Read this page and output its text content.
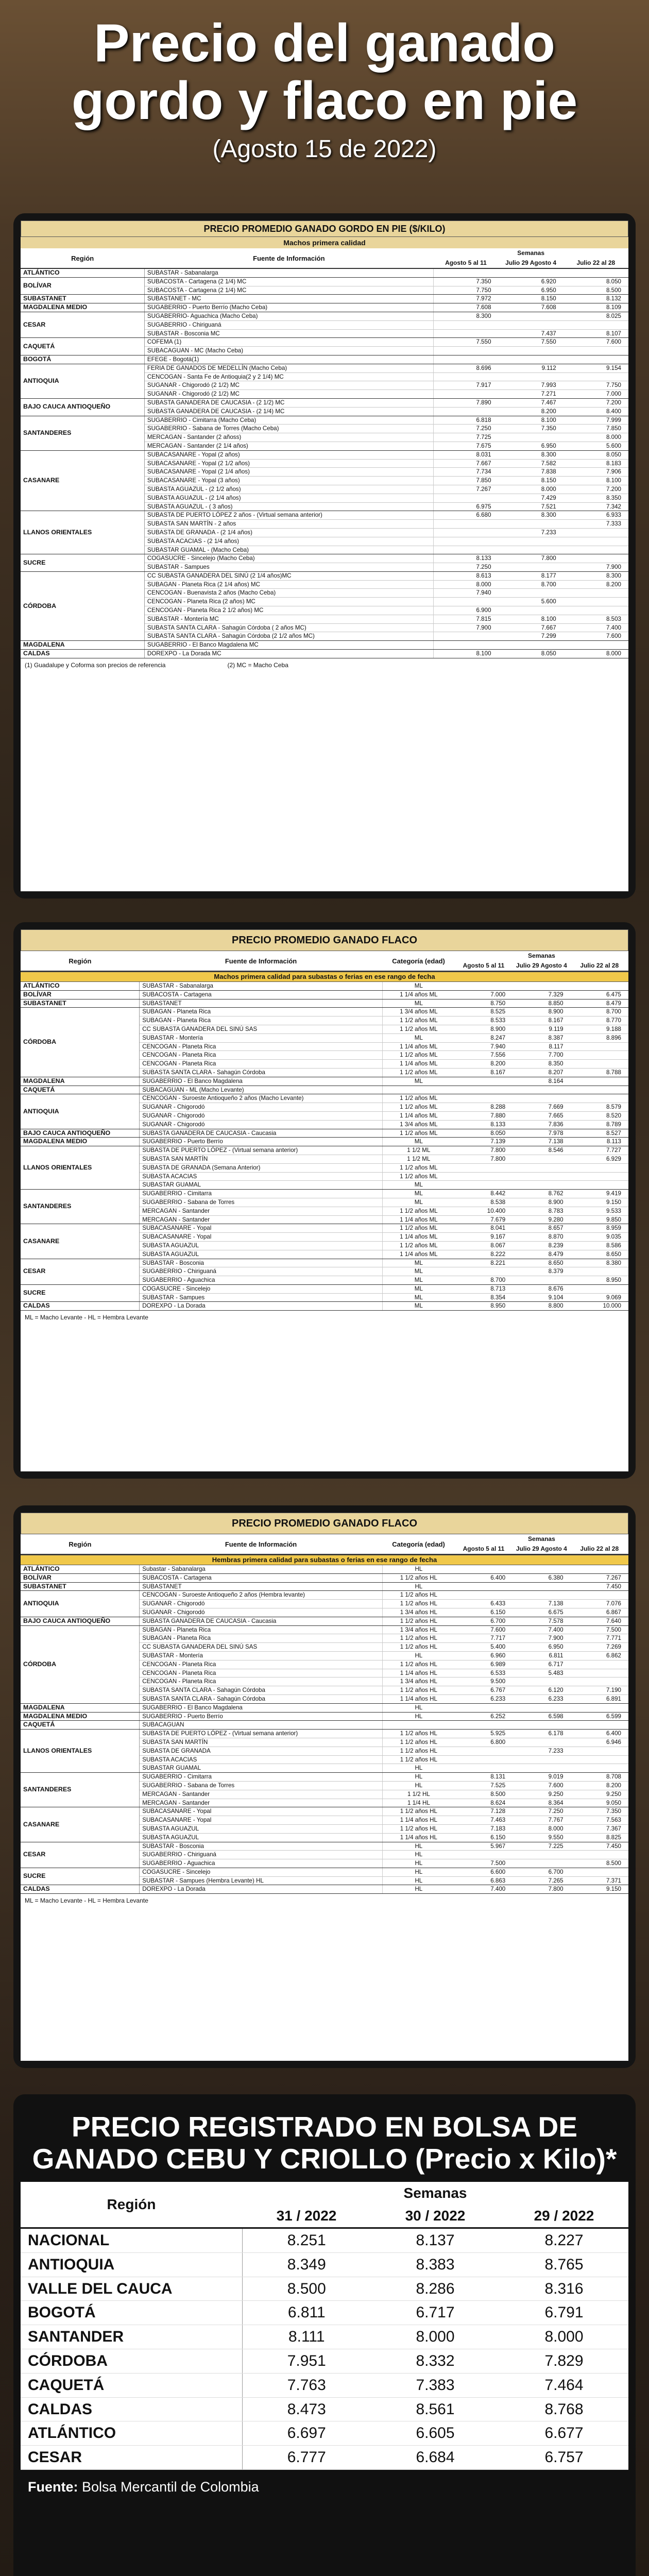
Precio del ganado
gordo y flaco en pie
(Agosto 15 de 2022)
PRECIO PROMEDIO GANADO GORDO EN PIE ($/KILO)
Machos primera calidad
Región	Fuente de Información	Semanas		
		Agosto 5 al 11	Julio 29 Agosto 4	Julio 22 al 28
ATLÁNTICO	SUBASTAR - Sabanalarga			
BOLÍVAR	SUBACOSTA - Cartagena (2 1/4) MC	7.350	6.920	8.050
	SUBACOSTA - Cartagena (2 1/4) MC	7.750	6.950	8.500
SUBASTANET	SUBASTANET - MC	7.972	8.150	8.132
MAGDALENA MEDIO	SUGABERRIO - Puerto Berrío (Macho Ceba)	7.608	7.608	8.109
CESAR	SUGABERRIO- Aguachica (Macho Ceba)	8.300		8.025
	SUGABERRIO - Chiriguaná			
	SUBASTAR - Bosconia MC		7.437	8.107
CAQUETÁ	COFEMA (1)	7.550	7.550	7.600
	SUBACAGUAN - MC (Macho Ceba)			
BOGOTÁ	EFEGE - Bogotá(1)			
ANTIOQUIA	FERIA DE GANADOS DE MEDELLÍN (Macho Ceba)	8.696	9.112	9.154
	CENCOGAN - Santa Fe de Antioquia(2 y 2 1/4) MC			
	SUGANAR - Chigorodó (2 1/2) MC	7.917	7.993	7.750
	SUGANAR - Chigorodó (2 1/2) MC		7.271	7.000
BAJO CAUCA ANTIOQUEÑO	SUBASTA GANADERA DE CAUCASIA - (2 1/2) MC	7.890	7.467	7.200
	SUBASTA GANADERA DE CAUCASIA - (2 1/4) MC		8.200	8.400
SANTANDERES	SUGABERRIO - Cimitarra (Macho Ceba)	6.818	8.100	7.999
	SUGABERRIO - Sabana de Torres (Macho Ceba)	7.250	7.350	7.850
	MERCAGAN - Santander (2 añoss)	7.725		8.000
	MERCAGAN - Santander (2 1/4 años)	7.675	6.950	5.600
CASANARE	SUBACASANARE - Yopal (2 años)	8.031	8.300	8.050
	SUBACASANARE - Yopal (2 1/2 años)	7.667	7.582	8.183
	SUBACASANARE - Yopal (2 1/4 años)	7.734	7.838	7.906
	SUBACASANARE - Yopal (3 años)	7.850	8.150	8.100
	SUBASTA AGUAZUL - (2 1/2 años)	7.267	8.000	7.200
	SUBASTA AGUAZUL - (2 1/4 años)		7.429	8.350
	SUBASTA AGUAZUL - ( 3 años)	6.975	7.521	7.342
LLANOS ORIENTALES	SUBASTA DE PUERTO LÓPEZ 2 años - (Virtual semana anterior)	6.680	8.300	6.933
	SUBASTA SAN MARTÍN - 2 años			7.333
	SUBASTA DE GRANADA - (2 1/4 años)		7.233	
	SUBASTA ACACIAS - (2 1/4 años)			
	SUBASTAR GUAMAL - (Macho Ceba)			
SUCRE	COGASUCRE - Sincelejo (Macho Ceba)	8.133	7.800	
	SUBASTAR - Sampues	7.250		7.900
CÓRDOBA	CC SUBASTA GANADERA DEL SINÚ (2 1/4 años)MC	8.613	8.177	8.300
	SUBAGAN - Planeta Rica (2 1/4 años) MC	8.000	8.700	8.200
	CENCOGAN - Buenavista 2 años (Macho Ceba)	7.940		
	CENCOGAN - Planeta Rica (2 años) MC		5.600	
	CENCOGAN - Planeta Rica 2 1/2 años) MC	6.900		
	SUBASTAR - Montería MC	7.815	8.100	8.503
	SUBASTA SANTA CLARA - Sahagún Córdoba ( 2 años MC)	7.900	7.667	7.400
	SUBASTA SANTA CLARA - Sahagún Córdoba (2 1/2 años MC)		7.299	7.600
MAGDALENA	SUGABERRIO - El Banco Magdalena MC			
CALDAS	DOREXPO - La Dorada MC	8.100	8.050	8.000
(1) Guadalupe y Coforma son precios de referencia	(2) MC = Macho Ceba
PRECIO PROMEDIO GANADO FLACO
Región	Fuente de Información	Categoría (edad)	Semanas		
			Agosto 5 al 11	Julio 29 Agosto 4	Julio 22 al 28
Machos primera calidad para subastas o ferias en ese rango de fecha
ATLÁNTICO	SUBASTAR - Sabanalarga	ML			
BOLÍVAR	SUBACOSTA - Cartagena	1 1/4 años ML	7.000	7.329	6.475
SUBASTANET	SUBASTANET	ML	8.750	8.850	8.479
CÓRDOBA	SUBAGAN - Planeta Rica	1 3/4 años ML	8.525	8.900	8.700
	SUBAGAN - Planeta Rica	1 1/2 años ML	8.533	8.167	8.770
	CC SUBASTA GANADERA DEL SINÚ SAS	1 1/2 años ML	8.900	9.119	9.188
	SUBASTAR - Montería	ML	8.247	8.387	8.896
	CENCOGAN - Planeta Rica	1 1/4 años ML	7.940	8.117	
	CENCOGAN - Planeta Rica	1 1/2 años ML	7.556	7.700	
	CENCOGAN - Planeta Rica	1 1/4 años ML	8.200	8.350	
	SUBASTA SANTA CLARA - Sahagún Córdoba	1 1/2 años ML	8.167	8.207	8.788
MAGDALENA	SUGABERRIO - El Banco Magdalena	ML		8.164	
CAQUETÁ	SUBACAGUAN - ML (Macho Levante)				
ANTIOQUIA	CENCOGAN - Suroeste Antioqueño 2 años (Macho Levante)	1 1/2 años ML			
	SUGANAR - Chigorodó	1 1/2 años ML	8.288	7.669	8.579
	SUGANAR - Chigorodó	1 1/4 años ML	7.880	7.665	8.520
	SUGANAR - Chigorodó	1 3/4 años ML	8.133	7.836	8.789
BAJO CAUCA ANTIOQUEÑO	SUBASTA GANADERA DE CAUCASIA - Caucasia	1 1/2 años ML	8.050	7.978	8.527
MAGDALENA MEDIO	SUGABERRIO - Puerto Berrío	ML	7.139	7.138	8.113
LLANOS ORIENTALES	SUBASTA DE PUERTO LÓPEZ - (Virtual semana anterior)	1 1/2 ML	7.800	8.546	7.727
	SUBASTA SAN MARTÍN	1 1/2 ML	7.800		6.929
	SUBASTA DE GRANADA (Semana Anterior)	1 1/2 años ML			
	SUBASTA ACACIAS	1 1/2 años ML			
	SUBASTAR GUAMAL	ML			
SANTANDERES	SUGABERRIO - Cimitarra	ML	8.442	8.762	9.419
	SUGABERRIO - Sabana de Torres	ML	8.538	8.900	9.150
	MERCAGAN - Santander	1 1/2 años ML	10.400	8.783	9.533
	MERCAGAN - Santander	1 1/4 años ML	7.679	9.280	9.850
CASANARE	SUBACASANARE - Yopal	1 1/2 años ML	8.041	8.657	8.959
	SUBACASANARE - Yopal	1 1/4 años ML	9.167	8.870	9.035
	SUBASTA AGUAZUL	1 1/2 años ML	8.067	8.239	8.586
	SUBASTA AGUAZUL	1 1/4 años ML	8.222	8.479	8.650
CESAR	SUBASTAR - Bosconia	ML	8.221	8.650	8.380
	SUGABERRIO - Chiriguaná	ML		8.379	
	SUGABERRIO - Aguachica	ML	8.700		8.950
SUCRE	COGASUCRE - Sincelejo	ML	8.713	8.676	
	SUBASTAR - Sampues	ML	8.354	9.104	9.069
CALDAS	DOREXPO - La Dorada	ML	8.950	8.800	10.000
ML = Macho Levante - HL = Hembra Levante
PRECIO PROMEDIO GANADO FLACO
Región	Fuente de Información	Categoría (edad)	Semanas		
			Agosto 5 al 11	Julio 29 Agosto 4	Julio 22 al 28
Hembras primera calidad para subastas o ferias en ese rango de fecha
ATLÁNTICO	Subastar - Sabanalarga	HL			
BOLÍVAR	SUBACOSTA - Cartagena	1 1/2 años HL	6.400	6.380	7.267
SUBASTANET	SUBASTANET	HL			7.450
ANTIOQUIA	CENCOGAN - Suroeste Antioqueño 2 años (Hembra levante)	1 1/2 años HL			
	SUGANAR - Chigorodó	1 1/2 años HL	6.433	7.138	7.076
	SUGANAR - Chigorodó	1 3/4 años HL	6.150	6.675	6.867
BAJO CAUCA ANTIOQUEÑO	SUBASTA GANADERA DE CAUCASIA - Caucasia	1 1/2 años HL	6.700	7.578	7.640
CÓRDOBA	SUBAGAN - Planeta Rica	1 3/4 años HL	7.600	7.400	7.500
	SUBAGAN - Planeta Rica	1 1/2 años HL	7.717	7.900	7.771
	CC SUBASTA GANADERA DEL SINÚ SAS	1 1/2 años HL	5.400	6.950	7.269
	SUBASTAR - Montería	HL	6.960	6.811	6.862
	CENCOGAN - Planeta Rica	1 1/2 años HL	6.989	6.717	
	CENCOGAN - Planeta Rica	1 1/4 años HL	6.533	5.483	
	CENCOGAN - Planeta Rica	1 3/4 años HL	9.500		
	SUBASTA SANTA CLARA - Sahagún Córdoba	1 1/2 años HL	6.767	6.120	7.190
	SUBASTA SANTA CLARA - Sahagún Córdoba	1 1/4 años HL	6.233	6.233	6.891
MAGDALENA	SUGABERRIO - El Banco Magdalena	HL			
MAGDALENA MEDIO	SUGABERRIO - Puerto Berrío	HL	6.252	6.598	6.599
CAQUETÁ	SUBACAGUAN				
LLANOS ORIENTALES	SUBASTA DE PUERTO LÓPEZ - (Virtual semana anterior)	1 1/2 años HL	5.925	6.178	6.400
	SUBASTA SAN MARTÍN	1 1/2 años HL	6.800		6.946
	SUBASTA DE GRANADA	1 1/2 años HL		7.233	
	SUBASTA ACACIAS	1 1/2 años HL			
	SUBASTAR GUAMAL	HL			
SANTANDERES	SUGABERRIO - Cimitarra	HL	8.131	9.019	8.708
	SUGABERRIO - Sabana de Torres	HL	7.525	7.600	8.200
	MERCAGAN - Santander	1 1/2 HL	8.500	9.250	9.250
	MERCAGAN - Santander	1 1/4 HL	8.624	8.364	9.050
CASANARE	SUBACASANARE - Yopal	1 1/2 años HL	7.128	7.250	7.350
	SUBACASANARE - Yopal	1 1/4 años HL	7.463	7.767	7.563
	SUBASTA AGUAZUL	1 1/2 años HL	7.183	8.000	7.367
	SUBASTA AGUAZUL	1 1/4 años HL	6.150	9.550	8.825
CESAR	SUBASTAR - Bosconia	HL	5.967	7.225	7.450
	SUGABERRIO - Chiriguaná	HL			
	SUGABERRIO - Aguachica	HL	7.500		8.500
SUCRE	COGASUCRE - Sincelejo	HL	6.600	6.700	
	SUBASTAR - Sampues (Hembra Levante) HL	HL	6.863	7.265	7.371
CALDAS	DOREXPO - La Dorada	HL	7.400	7.800	9.150
ML = Macho Levante - HL = Hembra Levante
PRECIO REGISTRADO EN BOLSA DE GANADO CEBU Y CRIOLLO (Precio x Kilo)*
Región	Semanas		
	31 / 2022	30 / 2022	29 / 2022
NACIONAL	8.251	8.137	8.227
ANTIOQUIA	8.349	8.383	8.765
VALLE DEL CAUCA	8.500	8.286	8.316
BOGOTÁ	6.811	6.717	6.791
SANTANDER	8.111	8.000	8.000
CÓRDOBA	7.951	8.332	7.829
CAQUETÁ	7.763	7.383	7.464
CALDAS	8.473	8.561	8.768
ATLÁNTICO	6.697	6.605	6.677
CESAR	6.777	6.684	6.757
Fuente: Bolsa Mercantil de Colombia
